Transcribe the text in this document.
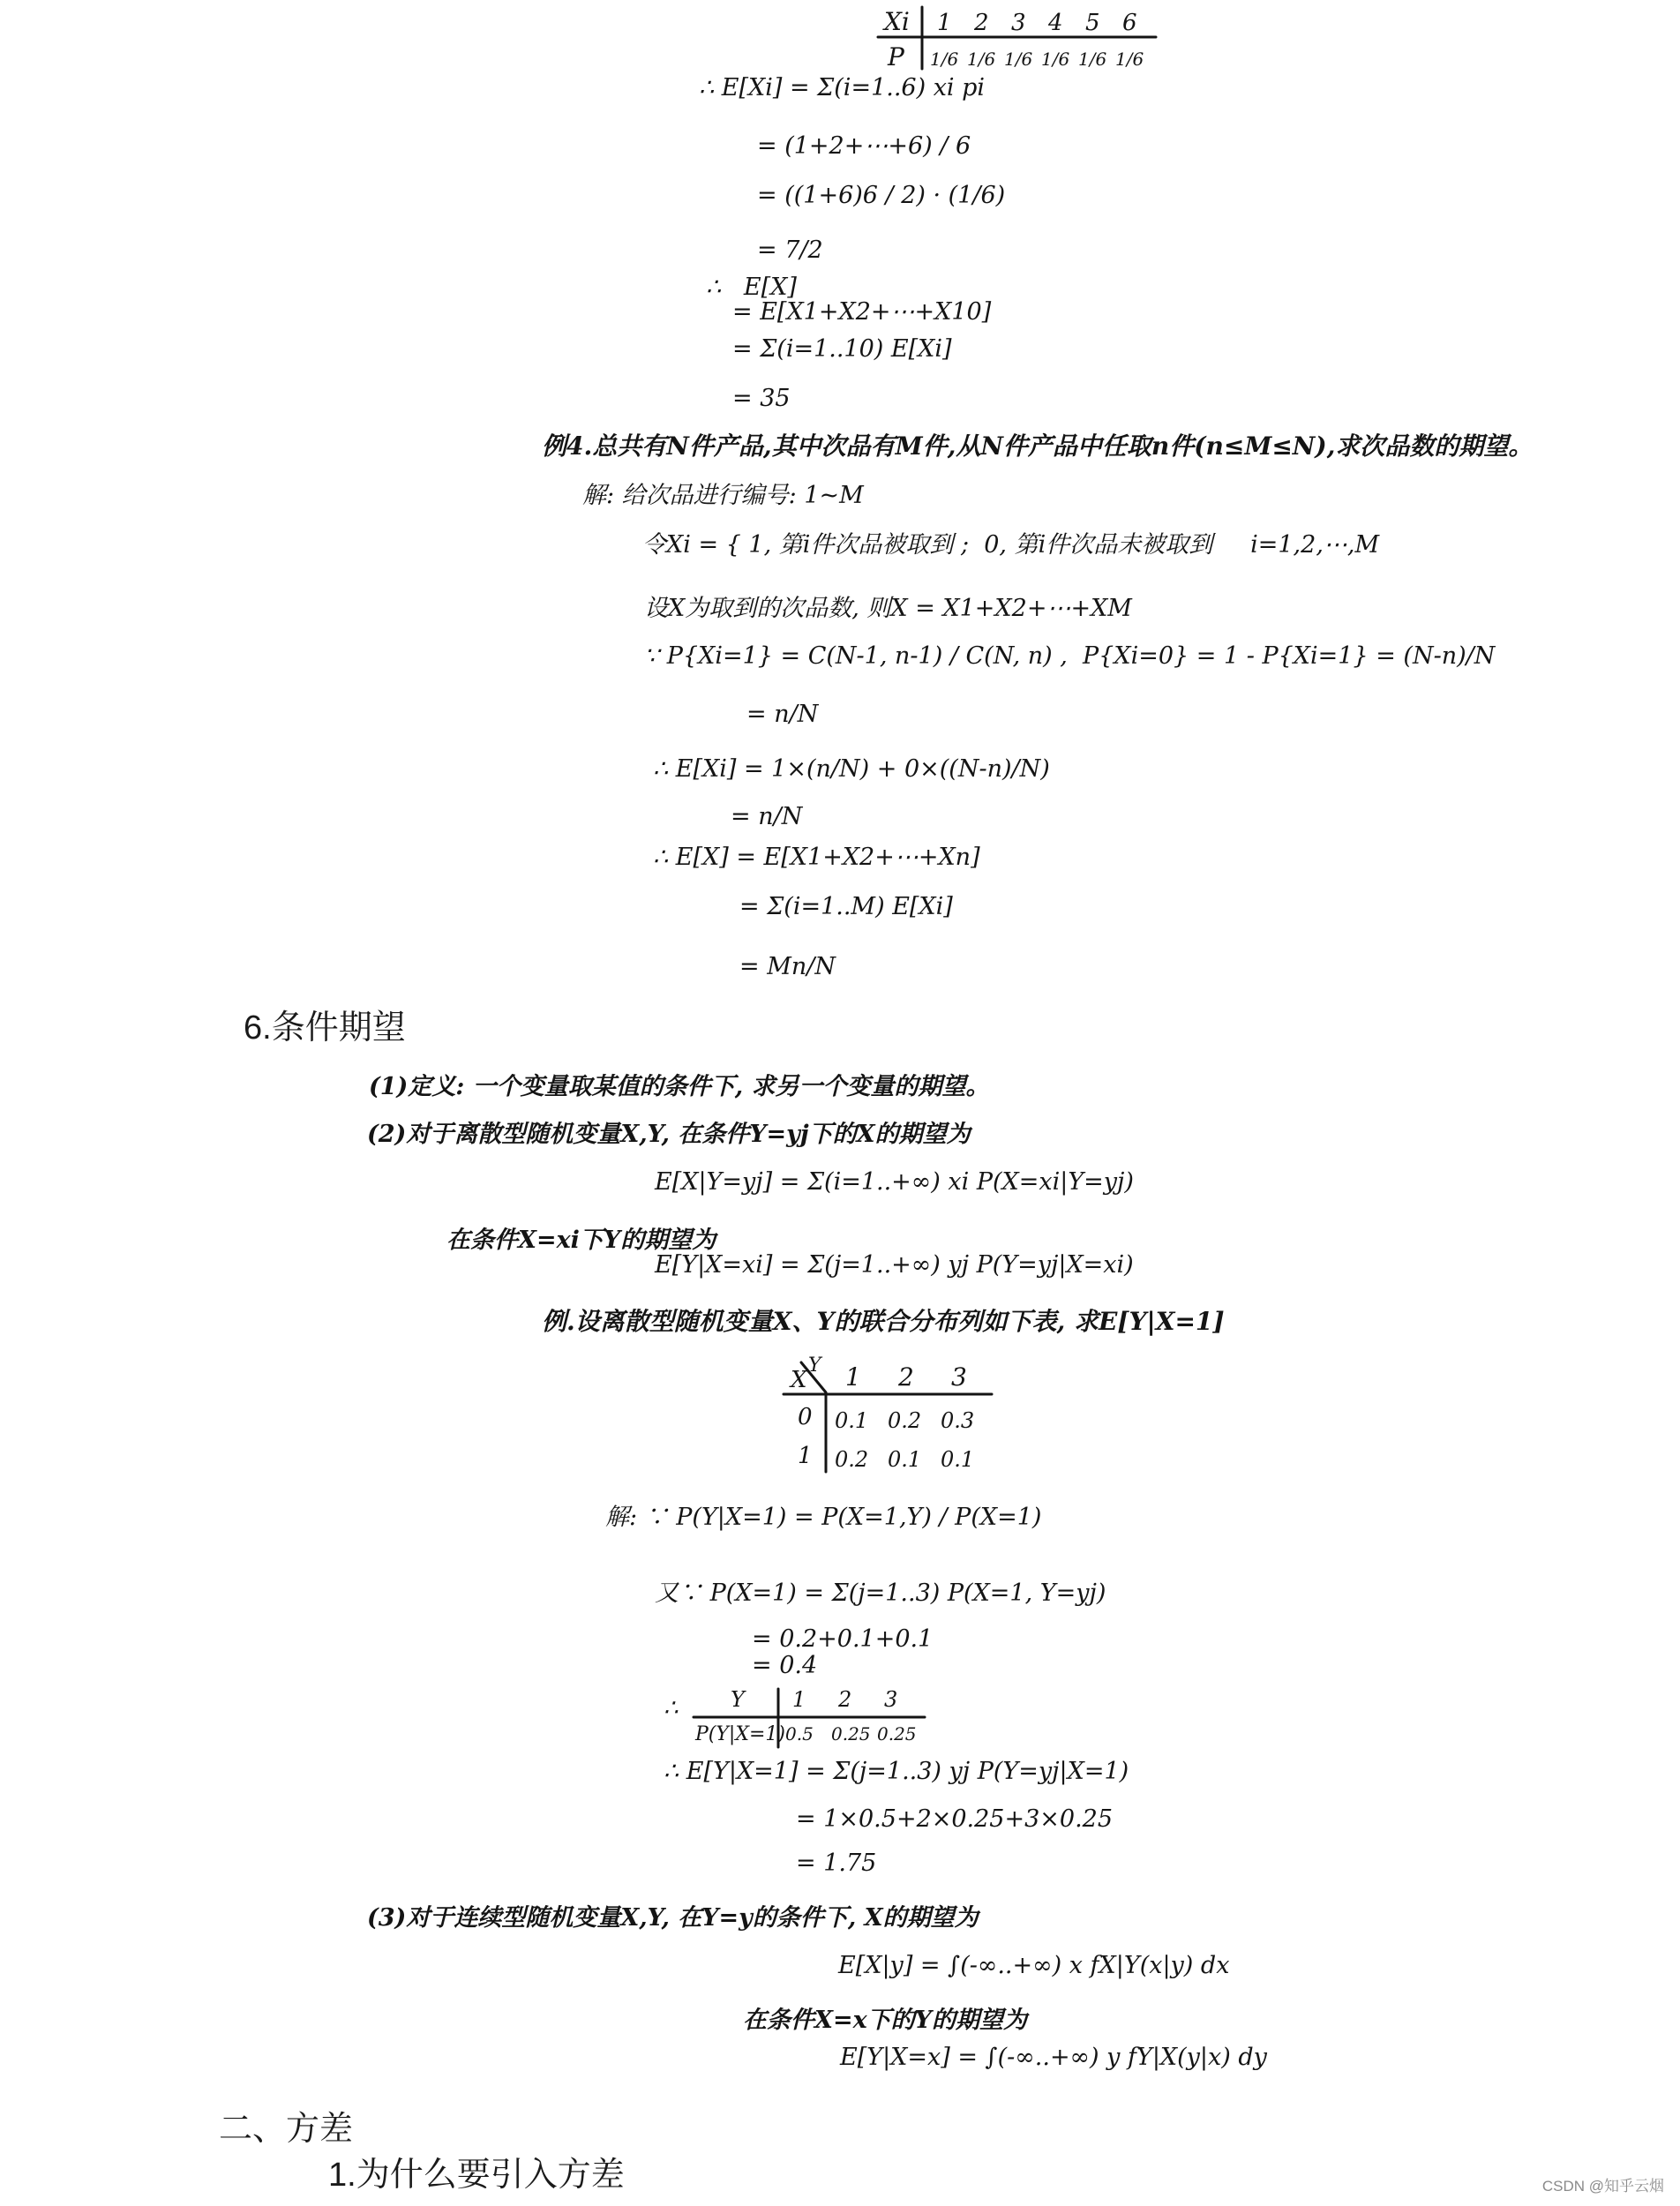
Xi
P
1 2 3 4 5 6
1/6 1/6 1/6 1/6 1/6 1/6
∴ E[Xi] = Σ(i=1..6) xi pi
= (1+2+⋯+6) / 6
= ((1+6)6 / 2) · (1/6)
= 7/2
∴   E[X]
= E[X1+X2+⋯+X10]
= Σ(i=1..10) E[Xi]
= 35
例4.总共有N件产品,其中次品有M件,从N件产品中任取n件(n≤M≤N),求次品数的期望。
解: 给次品进行编号: 1~M
令Xi = { 1, 第i件次品被取到 ;  0, 第i件次品未被取到     i=1,2,⋯,M
设X为取到的次品数, 则X = X1+X2+⋯+XM
∵ P{Xi=1} = C(N-1, n-1) / C(N, n) ,  P{Xi=0} = 1 - P{Xi=1} = (N-n)/N
= n/N
∴ E[Xi] = 1×(n/N) + 0×((N-n)/N)
= n/N
∴ E[X] = E[X1+X2+⋯+Xn]
= Σ(i=1..M) E[Xi]
= Mn/N
6.条件期望
(1)定义: 一个变量取某值的条件下, 求另一个变量的期望。
(2)对于离散型随机变量X,Y, 在条件Y=yj下的X的期望为
E[X|Y=yj] = Σ(i=1..+∞) xi P(X=xi|Y=yj)
在条件X=xi下Y的期望为
E[Y|X=xi] = Σ(j=1..+∞) yj P(Y=yj|X=xi)
例.设离散型随机变量X、Y的联合分布列如下表, 求E[Y|X=1]
X
Y 1 2 3
0 0.1 0.2 0.3
1 0.2 0.1 0.1
解: ∵ P(Y|X=1) = P(X=1,Y) / P(X=1)
又∵ P(X=1) = Σ(j=1..3) P(X=1, Y=yj)
= 0.2+0.1+0.1
= 0.4
∴ Y
P(Y|X=1)
1 2 3
0.5 0.25 0.25
∴ E[Y|X=1] = Σ(j=1..3) yj P(Y=yj|X=1)
= 1×0.5+2×0.25+3×0.25
= 1.75
(3)对于连续型随机变量X,Y, 在Y=y的条件下, X的期望为
E[X|y] = ∫(-∞..+∞) x fX|Y(x|y) dx
在条件X=x下的Y的期望为
E[Y|X=x] = ∫(-∞..+∞) y fY|X(y|x) dy
二、方差
1.为什么要引入方差	CSDN @知乎云烟
